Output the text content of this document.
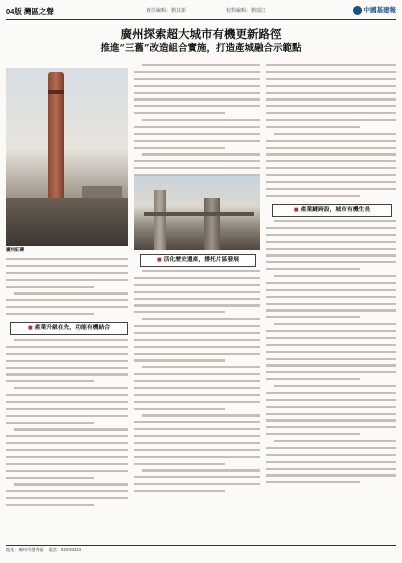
04版 灣區之聲	責任編輯：劉其新	校對編輯：劉瑞江	中國基建報
廣州探索超大城市有機更新路徑
推進“三舊”改造組合實施，打造產城融合示範點
廣州紅磚
■ 產業升級在先，功能有機結合
■ 活化歷史遺產，撐托片區發展
■ 產業鏈跨設，城市有機生長
地址：廣州市越秀區 電話：020-83323
